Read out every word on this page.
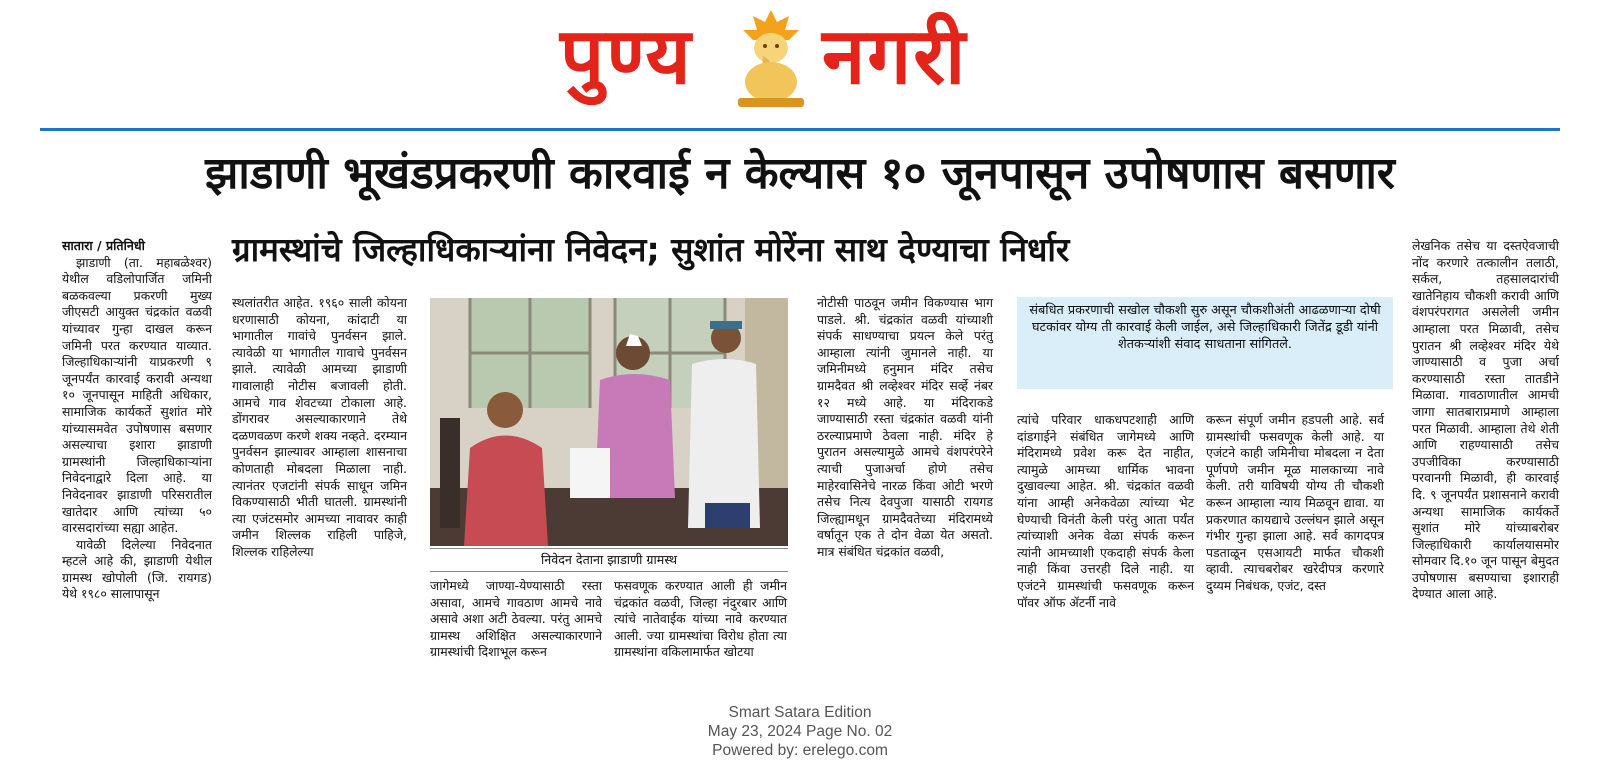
पुण्य नगरी
झाडाणी भूखंडप्रकरणी कारवाई न केल्यास १० जूनपासून उपोषणास बसणार
ग्रामस्थांचे जिल्हाधिकाऱ्यांना निवेदन; सुशांत मोरेंना साथ देण्याचा निर्धार

सातारा / प्रतिनिधी

झाडाणी (ता. महाबळेश्वर) येथील वडिलोपार्जित जमिनी बळकवल्या प्रकरणी मुख्य जीएसटी आयुक्त चंद्रकांत वळवी यांच्यावर गुन्हा दाखल करून जमिनी परत करण्यात याव्यात. जिल्हाधिकाऱ्यांनी याप्रकरणी ९ जूनपर्यंत कारवाई करावी अन्यथा १० जूनपासून माहिती अधिकार, सामाजिक कार्यकर्ते सुशांत मोरे यांच्यासमवेत उपोषणास बसणार असल्याचा इशारा झाडाणी ग्रामस्थांनी जिल्हाधिकाऱ्यांना निवेदनाद्वारे दिला आहे. या निवेदनावर झाडाणी परिसरातील खातेदार आणि त्यांच्या ५० वारसदारांच्या सह्या आहेत.

यावेळी दिलेल्या निवेदनात म्हटले आहे की, झाडाणी येथील ग्रामस्थ खोपोली (जि. रायगड) येथे १९८० सालापासून

स्थलांतरीत आहेत. १९६० साली कोयना धरणासाठी कोयना, कांदाटी या भागातील गावांचे पुनर्वसन झाले. त्यावेळी या भागातील गावाचे पुनर्वसन झाले. त्यावेळी आमच्या झाडाणी गावालाही नोटीस बजावली होती. आमचे गाव शेवटच्या टोकाला आहे. डोंगरावर असल्याकारणाने तेथे दळणवळण करणे शक्य नव्हते. दरम्यान पुनर्वसन झाल्यावर आम्हाला शासनाचा कोणताही मोबदला मिळाला नाही. त्यानंतर एजटांनी संपर्क साधून जमिन विकण्यासाठी भीती घातली. ग्रामस्थांनी त्या एजंटसमोर आमच्या नावावर काही जमीन शिल्लक राहिली पाहिजे, शिल्लक राहिलेल्या

निवेदन देताना झाडाणी ग्रामस्थ

जागेमध्ये जाण्या-येण्यासाठी रस्ता असावा, आमचे गावठाण आमचे नावे असावे अशा अटी ठेवल्या. परंतु आमचे ग्रामस्थ अशिक्षित असल्याकारणाने ग्रामस्थांची दिशाभूल करून

फसवणूक करण्यात आली ही जमीन चंद्रकांत वळवी, जिल्हा नंदुरबार आणि त्यांचे नातेवाईक यांच्या नावे करण्यात आली. ज्या ग्रामस्थांचा विरोध होता त्या ग्रामस्थांना वकिलामार्फत खोटया

नोटीसी पाठवून जमीन विकण्यास भाग पाडले. श्री. चंद्रकांत वळवी यांच्याशी संपर्क साधण्याचा प्रयत्न केले परंतु आम्हाला त्यांनी जुमानले नाही. या जमिनीमध्ये हनुमान मंदिर तसेच ग्रामदैवत श्री लव्हेश्वर मंदिर सर्व्हे नंबर १२ मध्ये आहे. या मंदिराकडे जाण्यासाठी रस्ता चंद्रकांत वळवी यांनी ठरल्याप्रमाणे ठेवला नाही. मंदिर हे पुरातन असल्यामुळे आमचे वंशपरंपरेने त्याची पुजाअर्चा होणे तसेच माहेरवासिनेचे नारळ किंवा ओटी भरणे तसेच नित्य देवपुजा यासाठी रायगड जिल्ह्यामधून ग्रामदैवतेच्या मंदिरामध्ये वर्षातून एक ते दोन वेळा येत असतो. मात्र संबंधित चंद्रकांत वळवी,

संबधित प्रकरणाची सखोल चौकशी सुरु असून चौकशीअंती आढळणाऱ्या दोषी घटकांवर योग्य ती कारवाई केली जाईल, असे जिल्हाधिकारी जितेंद्र डूडी यांनी शेतकऱ्यांशी संवाद साधताना सांगितले.

त्यांचे परिवार धाकधपटशाही आणि दांडगाईने संबंधित जागेमध्ये आणि मंदिरामध्ये प्रवेश करू देत नाहीत, त्यामुळे आमच्या धार्मिक भावना दुखावल्या आहेत. श्री. चंद्रकांत वळवी यांना आम्ही अनेकवेळा त्यांच्या भेट घेण्याची विनंती केली परंतु आता पर्यंत त्यांच्याशी अनेक वेळा संपर्क करून त्यांनी आमच्याशी एकदाही संपर्क केला नाही किंवा उत्तरही दिले नाही. या एजंटने ग्रामस्थांची फसवणूक करून पॉवर ऑफ ॲटर्नी नावे

करून संपूर्ण जमीन हडपली आहे. सर्व ग्रामस्थांची फसवणूक केली आहे. या एजंटने काही जमिनीचा मोबदला न देता पूर्णपणे जमीन मूळ मालकाच्या नावे केली. तरी याविषयी योग्य ती चौकशी करून आम्हाला न्याय मिळवून द्यावा. या प्रकरणात कायद्याचे उल्लंघन झाले असून गंभीर गुन्हा झाला आहे. सर्व कागदपत्र पडताळून एसआयटी मार्फत चौकशी व्हावी. त्याचबरोबर खरेदीपत्र करणारे दुय्यम निबंधक, एजंट, दस्त

लेखनिक तसेच या दस्तऐवजाची नोंद करणारे तत्कालीन तलाठी, सर्कल, तहसालदारांची खातेनिहाय चौकशी करावी आणि वंशपरंपरागत असलेली जमीन आम्हाला परत मिळावी, तसेच पुरातन श्री लव्हेश्वर मंदिर येथे जाण्यासाठी व पुजा अर्चा करण्यासाठी रस्ता तातडीने मिळावा. गावठाणातील आमची जागा सातबाराप्रमाणे आम्हाला परत मिळावी. आम्हाला तेथे शेती आणि राहण्यासाठी तसेच उपजीविका करण्यासाठी परवानगी मिळावी, ही कारवाई दि. ९ जूनपर्यंत प्रशासनाने करावी अन्यथा सामाजिक कार्यकर्ते सुशांत मोरे यांच्याबरोबर जिल्हाधिकारी कार्यालयासमोर सोमवार दि.१० जून पासून बेमुदत उपोषणास बसण्याचा इशाराही देण्यात आला आहे.

Smart Satara Edition
May 23, 2024 Page No. 02
Powered by: erelego.com
